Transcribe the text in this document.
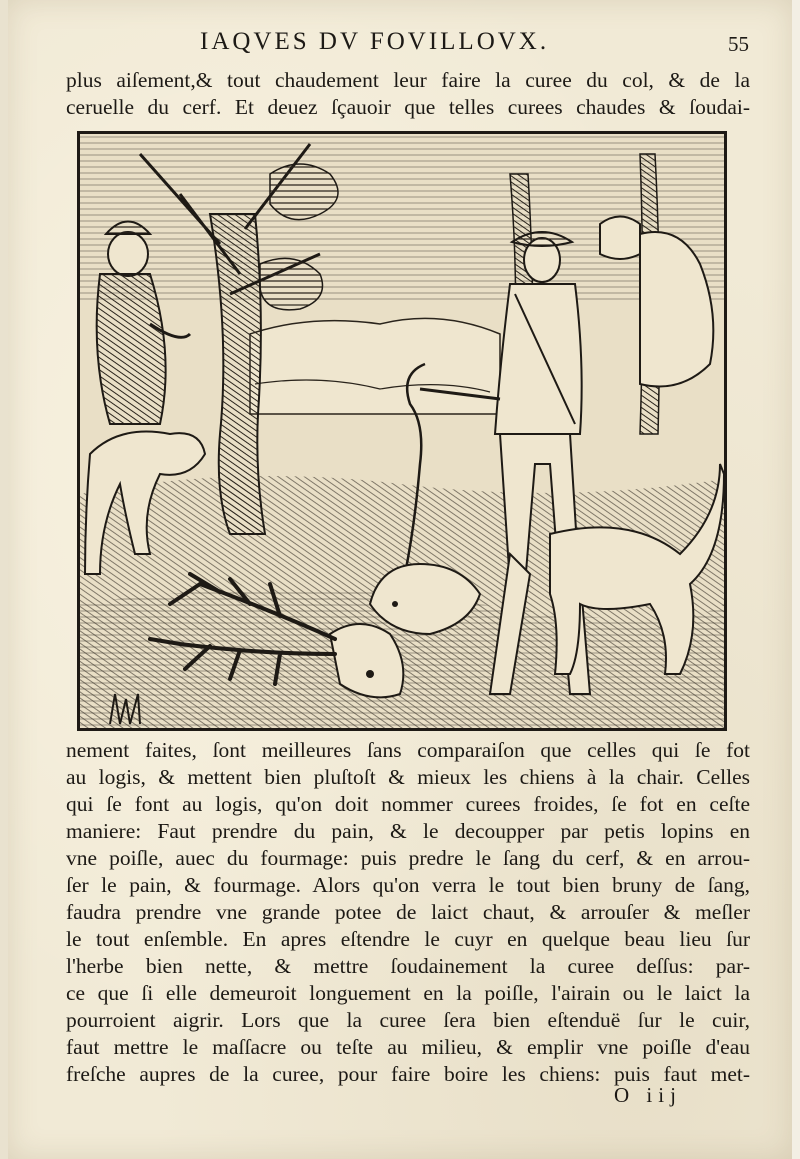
IAQVES DV FOVILLOVX.	55
plus aiſement,& tout chaudement leur faire la curee du col, & de la
ceruelle du cerf. Et deuez ſçauoir que telles curees chaudes & ſoudai-
nement faites, ſont meilleures ſans comparaiſon que celles qui ſe fot
au logis, & mettent bien pluſtoſt & mieux les chiens à la chair. Celles
qui ſe font au logis, qu'on doit nommer curees froides, ſe fot en ceſte
maniere: Faut prendre du pain, & le decoupper par petis lopins en
vne poiſle, auec du fourmage: puis predre le ſang du cerf, & en arrou-
ſer le pain, & fourmage. Alors qu'on verra le tout bien bruny de ſang,
faudra prendre vne grande potee de laict chaut, & arrouſer & meſler
le tout enſemble. En apres eſtendre le cuyr en quelque beau lieu ſur
l'herbe bien nette, & mettre ſoudainement la curee deſſus: par-
ce que ſi elle demeuroit longuement en la poiſle, l'airain ou le laict la
pourroient aigrir. Lors que la curee ſera bien eſtenduë ſur le cuir,
faut mettre le maſſacre ou teſte au milieu, & emplir vne poiſle d'eau
freſche aupres de la curee, pour faire boire les chiens: puis faut met-
O iij
